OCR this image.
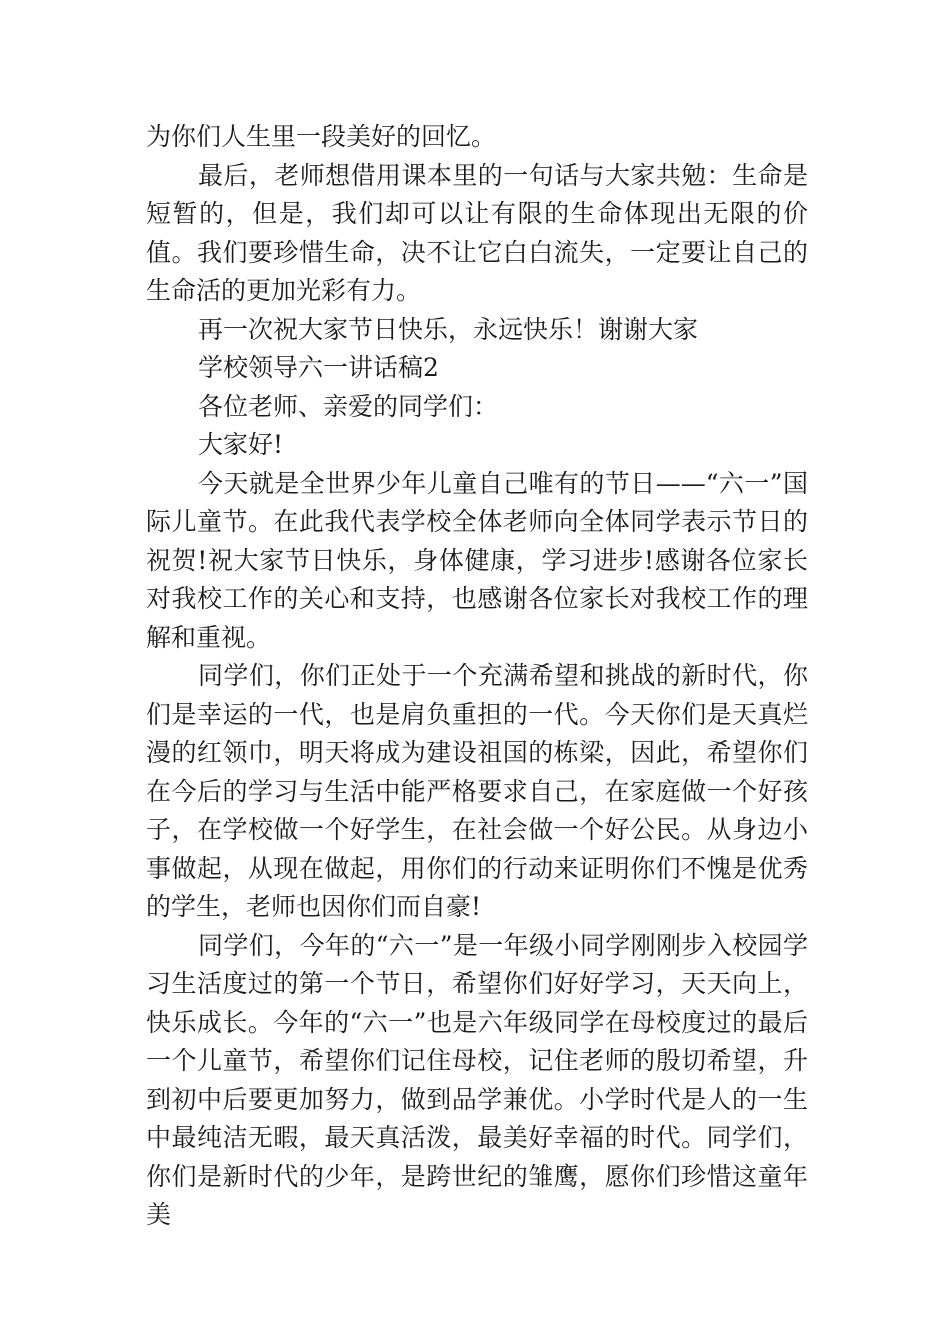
为你们人生里一段美好的回忆。

最后，老师想借用课本里的一句话与大家共勉：生命是短暂的，但是，我们却可以让有限的生命体现出无限的价值。我们要珍惜生命，决不让它白白流失，一定要让自己的生命活的更加光彩有力。

再一次祝大家节日快乐，永远快乐！谢谢大家

学校领导六一讲话稿2

各位老师、亲爱的同学们：

大家好!

今天就是全世界少年儿童自己唯有的节日——“六一”国际儿童节。在此我代表学校全体老师向全体同学表示节日的祝贺!祝大家节日快乐，身体健康，学习进步!感谢各位家长对我校工作的关心和支持，也感谢各位家长对我校工作的理解和重视。

同学们，你们正处于一个充满希望和挑战的新时代，你们是幸运的一代，也是肩负重担的一代。今天你们是天真烂漫的红领巾，明天将成为建设祖国的栋梁，因此，希望你们在今后的学习与生活中能严格要求自己，在家庭做一个好孩子，在学校做一个好学生，在社会做一个好公民。从身边小事做起，从现在做起，用你们的行动来证明你们不愧是优秀的学生，老师也因你们而自豪!

同学们，今年的“六一”是一年级小同学刚刚步入校园学习生活度过的第一个节日，希望你们好好学习，天天向上，快乐成长。今年的“六一”也是六年级同学在母校度过的最后一个儿童节，希望你们记住母校，记住老师的殷切希望，升到初中后要更加努力，做到品学兼优。小学时代是人的一生中最纯洁无暇，最天真活泼，最美好幸福的时代。同学们，你们是新时代的少年，是跨世纪的雏鹰，愿你们珍惜这童年美
